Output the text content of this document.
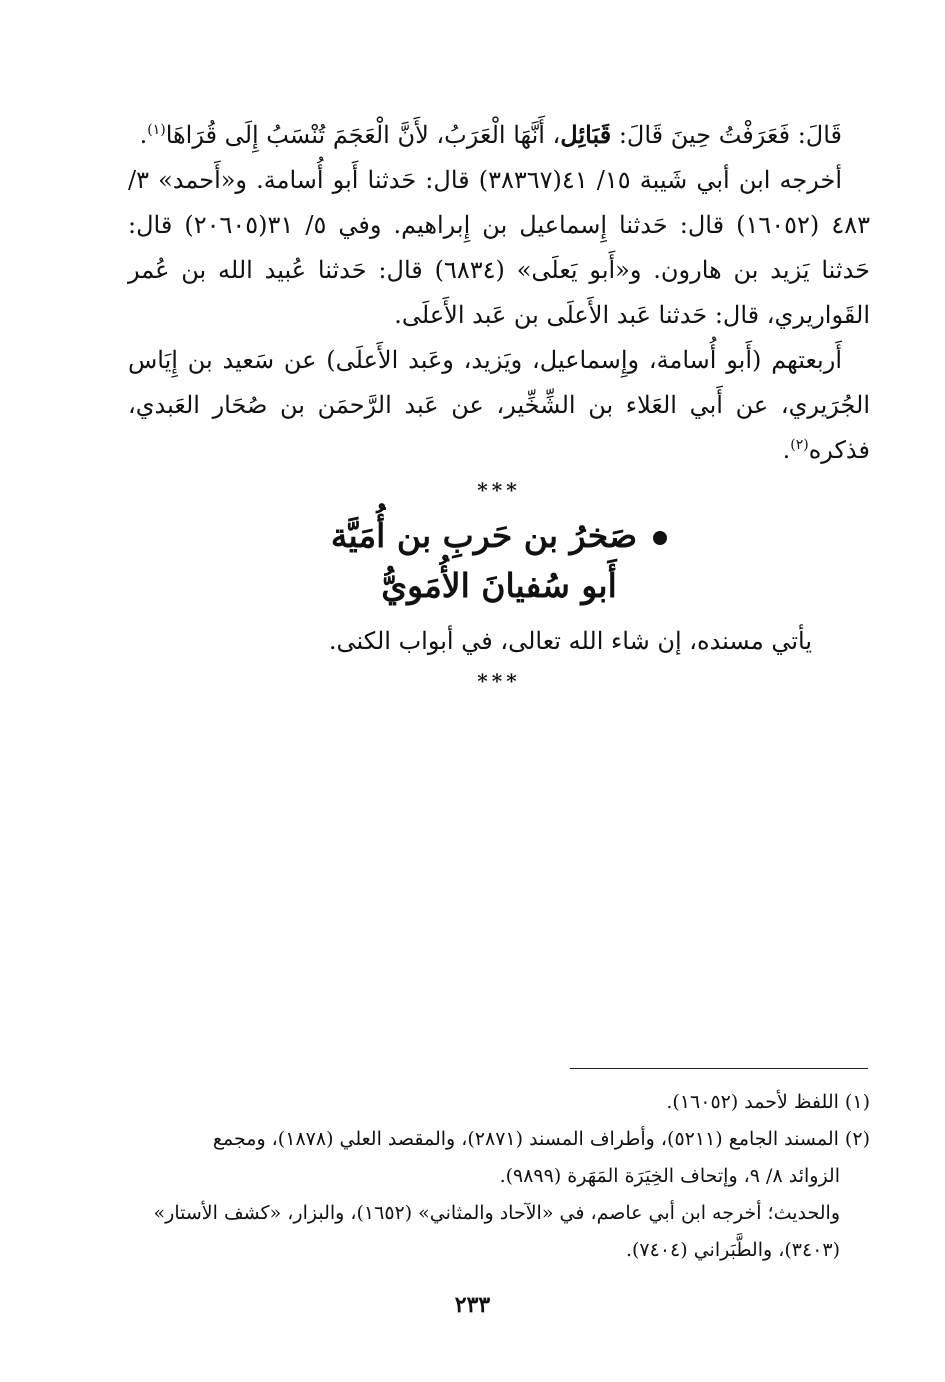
قَالَ: فَعَرَفْتُ حِينَ قَالَ: قَبَائِل، أَنَّهَا الْعَرَبُ، لأَنَّ الْعَجَمَ تُنْسَبُ إِلَى قُرَاهَا$^{(١)}$.

أخرجه ابن أبي شَيبة ١٥/ ٤١(٣٨٣٦٧) قال: حَدثنا أَبو أُسامة. و«أَحمد» ٣/ ٤٨٣ (١٦٠٥٢) قال: حَدثنا إِسماعيل بن إِبراهيم. وفي ٥/ ٣١(٢٠٦٠٥) قال: حَدثنا يَزيد بن هارون. و«أَبو يَعلَى» (٦٨٣٤) قال: حَدثنا عُبيد الله بن عُمر القَواريري، قال: حَدثنا عَبد الأَعلَى بن عَبد الأَعلَى.

أَربعتهم (أَبو أُسامة، وإِسماعيل، ويَزيد، وعَبد الأَعلَى) عن سَعيد بن إِيَاس الجُرَيري، عن أَبي العَلاء بن الشِّخِّير، عن عَبد الرَّحمَن بن صُحَار العَبدي، فذكره$^{(٢)}$.

***
صَخرُ بن حَربِ بن أُمَيَّة
أَبو سُفيانَ الأُمَويُّ

يأتي مسنده، إن شاء الله تعالى، في أبواب الكنى.

***

(١) اللفظ لأحمد (١٦٠٥٢).

(٢) المسند الجامع (٥٢١١)، وأطراف المسند (٢٨٧١)، والمقصد العلي (١٨٧٨)، ومجمع

الزوائد ٨/ ٩، وإتحاف الخِيَرَة المَهَرة (٩٨٩٩).

والحديث؛ أخرجه ابن أبي عاصم، في «الآحاد والمثاني» (١٦٥٢)، والبزار، «كشف الأستار»

(٣٤٠٣)، والطَّبَراني (٧٤٠٤).

٢٣٣
